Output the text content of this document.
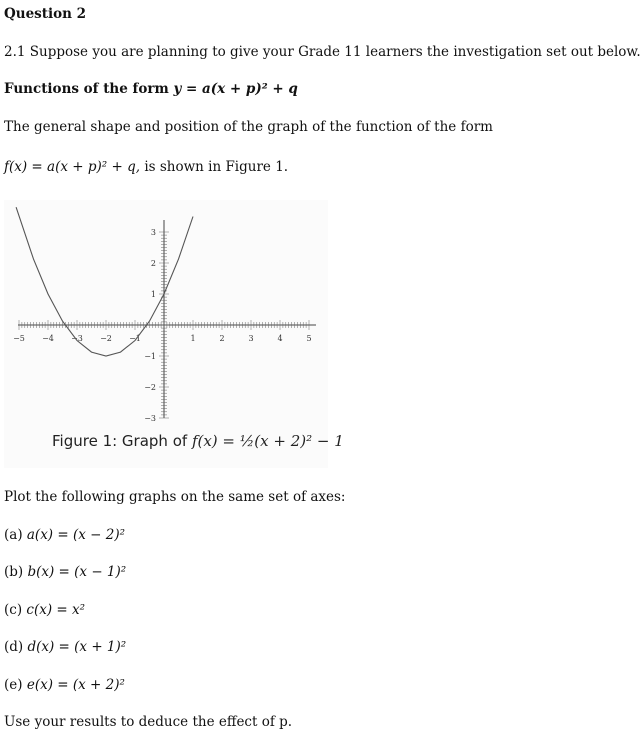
Question 2
2.1 Suppose you are planning to give your Grade 11 learners the investigation set out below.
Functions of the form y = a(x + p)² + q
The general shape and position of the graph of the function of the form
f(x) = a(x + p)² + q, is shown in Figure 1.
−5 −4 −3 −2 −1	1	2	3	4	5
3
2
1
−1
−2
−3
Figure 1: Graph of f(x) = ½(x + 2)² − 1
Plot the following graphs on the same set of axes:
(a) a(x) = (x − 2)²
(b) b(x) = (x − 1)²
(c) c(x) = x²
(d) d(x) = (x + 1)²
(e) e(x) = (x + 2)²
Use your results to deduce the effect of p.
